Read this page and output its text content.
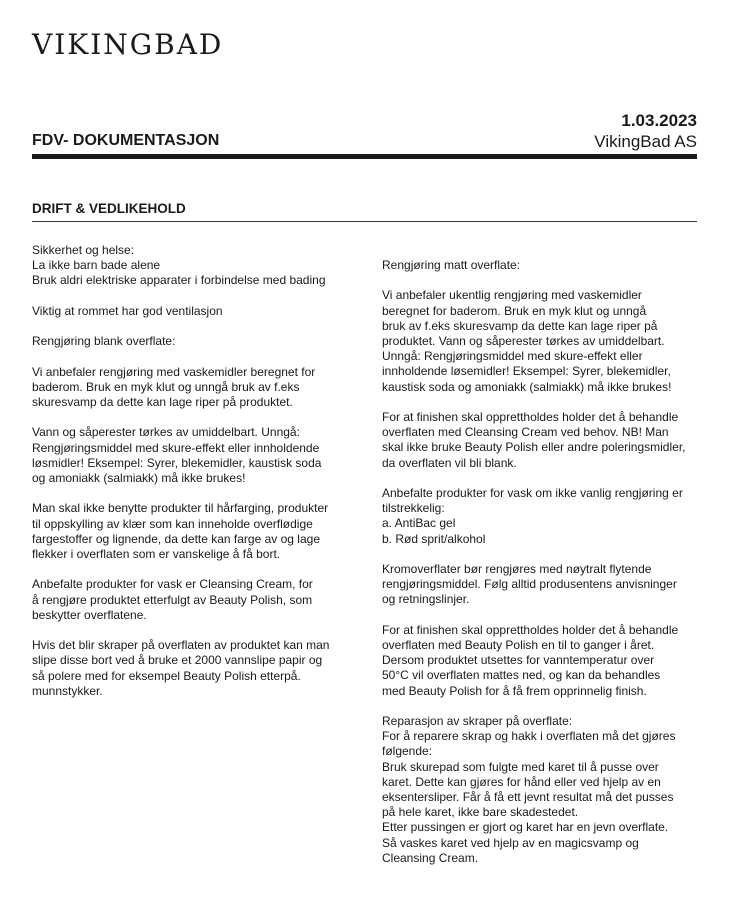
VIKINGBAD
1.03.2023
FDV- DOKUMENTASJON	VikingBad AS
DRIFT & VEDLIKEHOLD

Sikkerhet og helse:
La ikke barn bade alene
Bruk aldri elektriske apparater i forbindelse med bading

Viktig at rommet har god ventilasjon

Rengjøring blank overflate:

Vi anbefaler rengjøring med vaskemidler beregnet for
baderom. Bruk en myk klut og unngå bruk av f.eks
skuresvamp da dette kan lage riper på produktet.

Vann og såperester tørkes av umiddelbart. Unngå:
Rengjøringsmiddel med skure-effekt eller innholdende
løsmidler! Eksempel: Syrer, blekemidler, kaustisk soda
og amoniakk (salmiakk) må ikke brukes!

Man skal ikke benytte produkter til hårfarging, produkter
til oppskylling av klær som kan inneholde overflødige
fargestoffer og lignende, da dette kan farge av og lage
flekker i overflaten som er vanskelige å få bort.

Anbefalte produkter for vask er Cleansing Cream, for
å rengjøre produktet etterfulgt av Beauty Polish, som
beskytter overflatene.

Hvis det blir skraper på overflaten av produktet kan man
slipe disse bort ved å bruke et 2000 vannslipe papir og
så polere med for eksempel Beauty Polish etterpå.
munnstykker.

Rengjøring matt overflate:

Vi anbefaler ukentlig rengjøring med vaskemidler
beregnet for baderom. Bruk en myk klut og unngå
bruk av f.eks skuresvamp da dette kan lage riper på
produktet. Vann og såperester tørkes av umiddelbart.
Unngå: Rengjøringsmiddel med skure-effekt eller
innholdende løsemidler! Eksempel: Syrer, blekemidler,
kaustisk soda og amoniakk (salmiakk) må ikke brukes!

For at finishen skal opprettholdes holder det å behandle
overflaten med Cleansing Cream ved behov. NB! Man
skal ikke bruke Beauty Polish eller andre poleringsmidler,
da overflaten vil bli blank.

Anbefalte produkter for vask om ikke vanlig rengjøring er
tilstrekkelig:
a. AntiBac gel
b. Rød sprit/alkohol

Kromoverflater bør rengjøres med nøytralt flytende
rengjøringsmiddel. Følg alltid produsentens anvisninger
og retningslinjer.

For at finishen skal opprettholdes holder det å behandle
overflaten med Beauty Polish en til to ganger i året.
Dersom produktet utsettes for vanntemperatur over
50°C vil overflaten mattes ned, og kan da behandles
med Beauty Polish for å få frem opprinnelig finish.

Reparasjon av skraper på overflate:
For å reparere skrap og hakk i overflaten må det gjøres
følgende:
Bruk skurepad som fulgte med karet til å pusse over
karet. Dette kan gjøres for hånd eller ved hjelp av en
eksentersliper. Får å få ett jevnt resultat må det pusses
på hele karet, ikke bare skadestedet.
Etter pussingen er gjort og karet har en jevn overflate.
Så vaskes karet ved hjelp av en magicsvamp og
Cleansing Cream.
